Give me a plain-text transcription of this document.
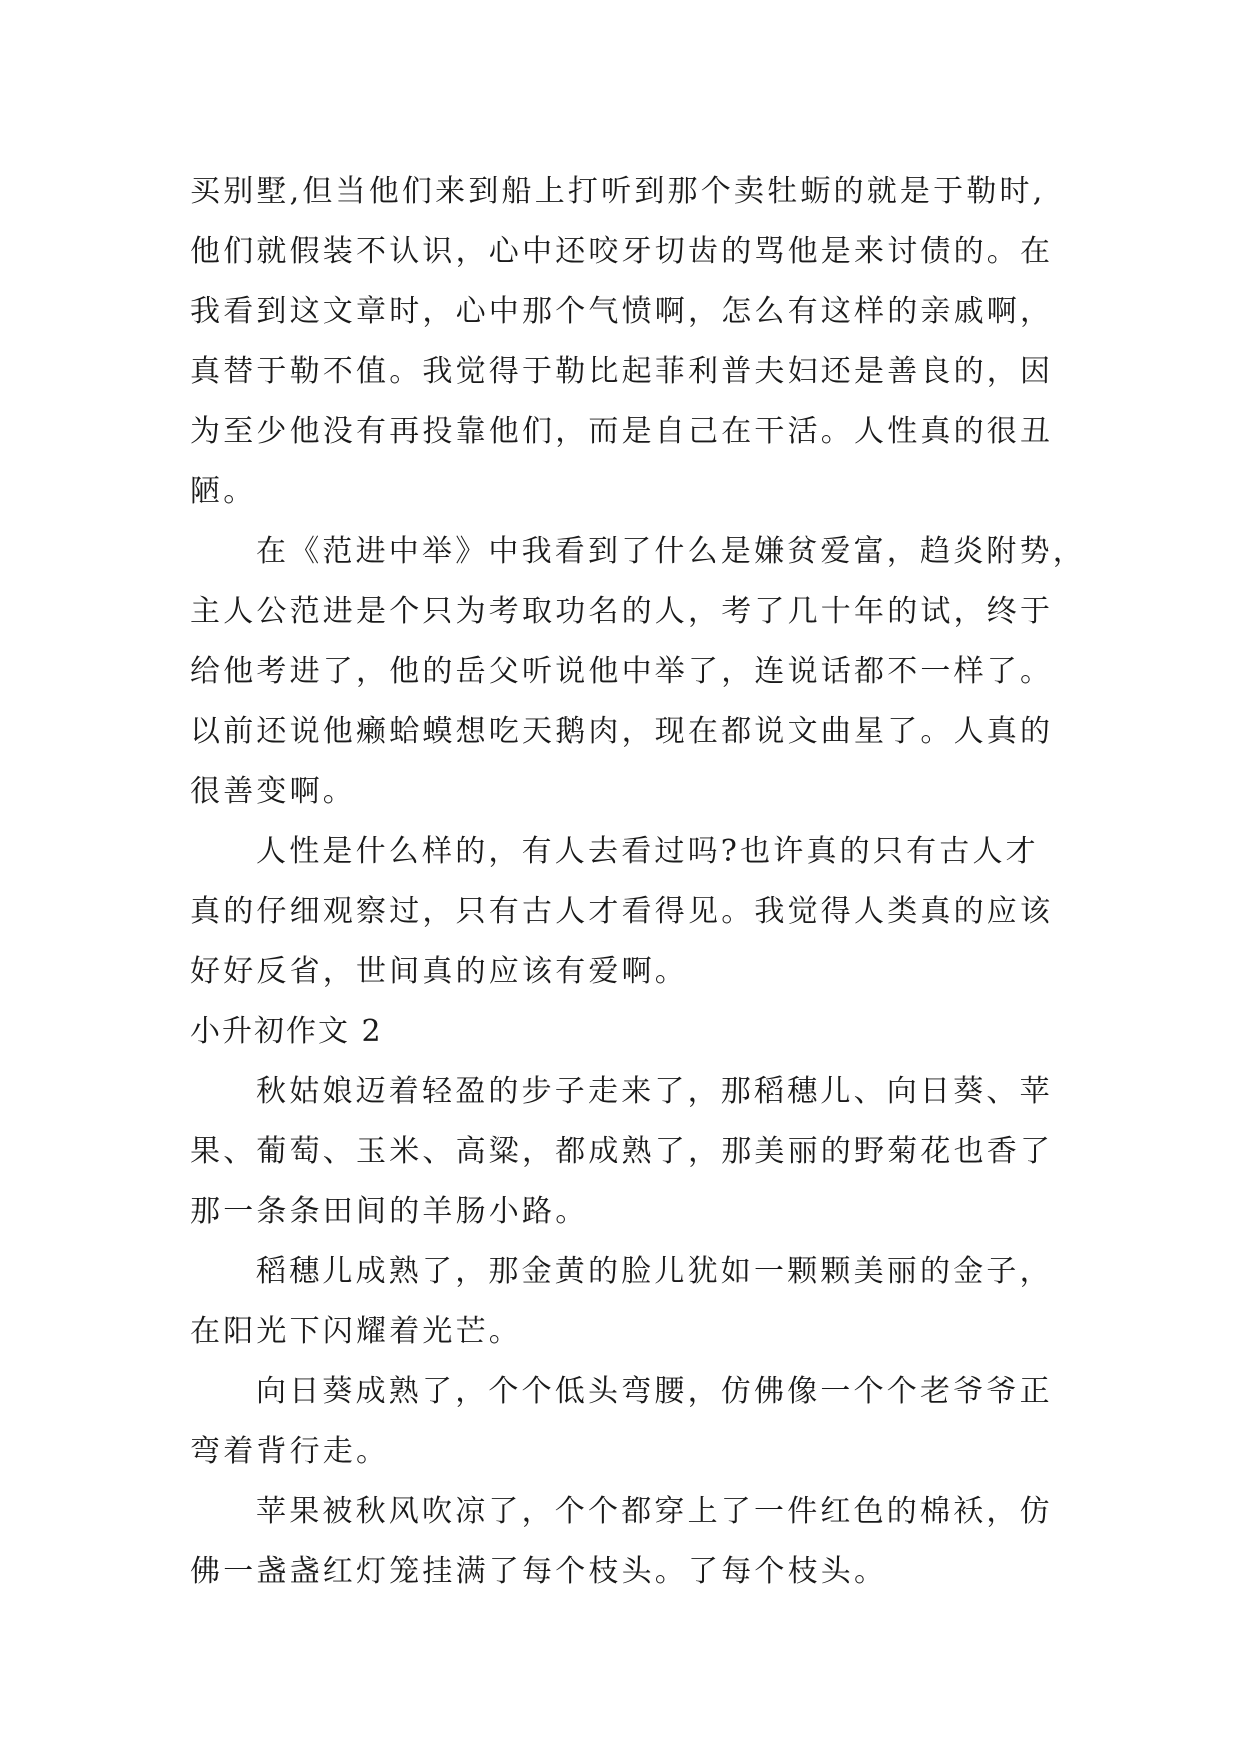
买别墅,但当他们来到船上打听到那个卖牡蛎的就是于勒时,
他们就假装不认识，心中还咬牙切齿的骂他是来讨债的。在
我看到这文章时，心中那个气愤啊，怎么有这样的亲戚啊，
真替于勒不值。我觉得于勒比起菲利普夫妇还是善良的，因
为至少他没有再投靠他们，而是自己在干活。人性真的很丑
陋。
在《范进中举》中我看到了什么是嫌贫爱富，趋炎附势，
主人公范进是个只为考取功名的人，考了几十年的试，终于
给他考进了，他的岳父听说他中举了，连说话都不一样了。
以前还说他癞蛤蟆想吃天鹅肉，现在都说文曲星了。人真的
很善变啊。
人性是什么样的，有人去看过吗?也许真的只有古人才
真的仔细观察过，只有古人才看得见。我觉得人类真的应该
好好反省，世间真的应该有爱啊。
小升初作文 2
秋姑娘迈着轻盈的步子走来了，那稻穗儿、向日葵、苹
果、葡萄、玉米、高粱，都成熟了，那美丽的野菊花也香了
那一条条田间的羊肠小路。
稻穗儿成熟了，那金黄的脸儿犹如一颗颗美丽的金子，
在阳光下闪耀着光芒。
向日葵成熟了，个个低头弯腰，仿佛像一个个老爷爷正
弯着背行走。
苹果被秋风吹凉了，个个都穿上了一件红色的棉袄，仿
佛一盏盏红灯笼挂满了每个枝头。了每个枝头。
